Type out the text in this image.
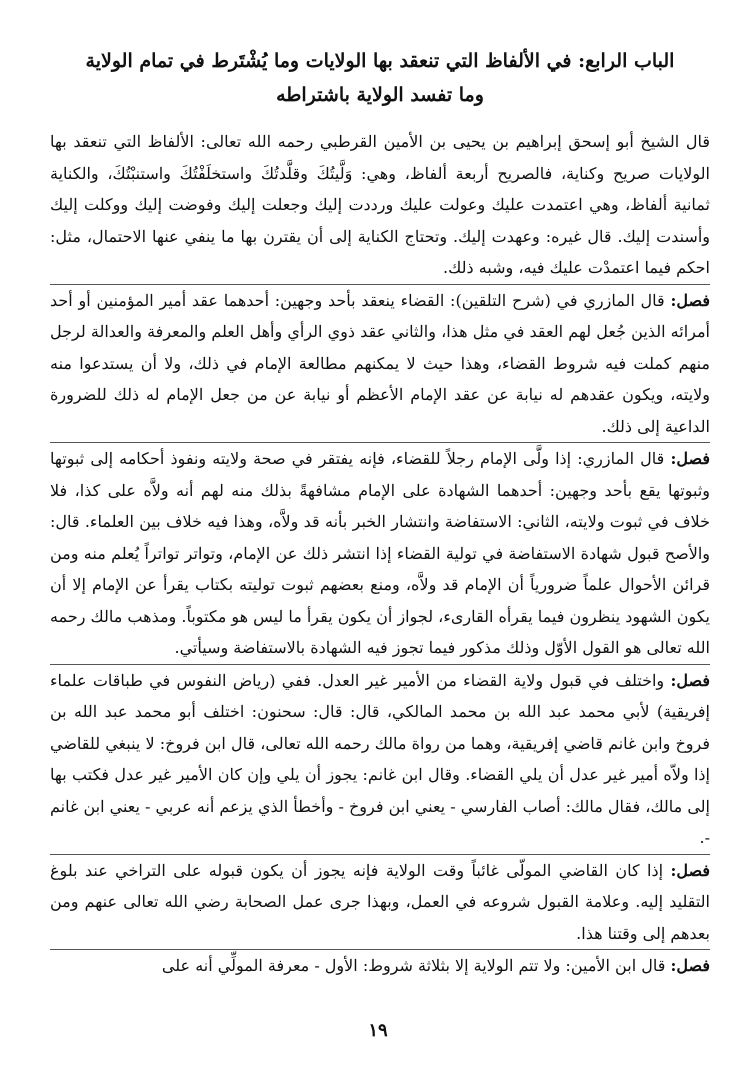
الباب الرابع: في الألفاظ التي تنعقد بها الولايات وما يُشْتَرط في تمام الولاية
وما تفسد الولاية باشتراطه

قال الشيخ أبو إسحق إبراهيم بن يحيى بن الأمين القرطبي رحمه الله تعالى: الألفاظ التي تنعقد بها الولايات صريح وكناية، فالصريح أربعة ألفاظ، وهي: وَلَّيتُكَ وقلَّدتُكَ واستخلَفْتُكَ واستنبْتُكَ، والكناية ثمانية ألفاظ، وهي اعتمدت عليك وعولت عليك ورددت إليك وجعلت إليك وفوضت إليك ووكلت إليك وأسندت إليك. قال غيره: وعهدت إليك. وتحتاج الكناية إلى أن يقترن بها ما ينفي عنها الاحتمال، مثل: احكم فيما اعتمدْت عليك فيه، وشبه ذلك.

فصل: قال المازري في (شرح التلقين): القضاء ينعقد بأحد وجهين: أحدهما عقد أمير المؤمنين أو أحد أمرائه الذين جُعل لهم العقد في مثل هذا، والثاني عقد ذوي الرأي وأهل العلم والمعرفة والعدالة لرجل منهم كملت فيه شروط القضاء، وهذا حيث لا يمكنهم مطالعة الإمام في ذلك، ولا أن يستدعوا منه ولايته، ويكون عقدهم له نيابة عن عقد الإمام الأعظم أو نيابة عن من جعل الإمام له ذلك للضرورة الداعية إلى ذلك.

فصل: قال المازري: إذا ولَّى الإمام رجلاً للقضاء، فإنه يفتقر في صحة ولايته ونفوذ أحكامه إلى ثبوتها وثبوتها يقع بأحد وجهين: أحدهما الشهادة على الإمام مشافهةً بذلك منه لهم أنه ولاَّه على كذا، فلا خلاف في ثبوت ولايته، الثاني: الاستفاضة وانتشار الخبر بأنه قد ولاَّه، وهذا فيه خلاف بين العلماء. قال: والأصح قبول شهادة الاستفاضة في تولية القضاء إذا انتشر ذلك عن الإمام، وتواتر تواتراً يُعلم منه ومن قرائن الأحوال علماً ضرورياً أن الإمام قد ولاَّه، ومنع بعضهم ثبوت توليته بكتاب يقرأ عن الإمام إلا أن يكون الشهود ينظرون فيما يقرأه القارىء، لجواز أن يكون يقرأ ما ليس هو مكتوباً. ومذهب مالك رحمه الله تعالى هو القول الأوّل وذلك مذكور فيما تجوز فيه الشهادة بالاستفاضة وسيأتي.

فصل: واختلف في قبول ولاية القضاء من الأمير غير العدل. ففي (رياض النفوس في طباقات علماء إفريقية) لأبي محمد عبد الله بن محمد المالكي، قال: قال: سحنون: اختلف أبو محمد عبد الله بن فروخ وابن غانم قاضي إفريقية، وهما من رواة مالك رحمه الله تعالى، قال ابن فروخ: لا ينبغي للقاضي إذا ولاّه أمير غير عدل أن يلي القضاء. وقال ابن غانم: يجوز أن يلي وإن كان الأمير غير عدل فكتب بها إلى مالك، فقال مالك: أصاب الفارسي - يعني ابن فروخ - وأخطأ الذي يزعم أنه عربي - يعني ابن غانم -.

فصل: إذا كان القاضي المولّى غائباً وقت الولاية فإنه يجوز أن يكون قبوله على التراخي عند بلوغ التقليد إليه. وعلامة القبول شروعه في العمل، وبهذا جرى عمل الصحابة رضي الله تعالى عنهم ومن بعدهم إلى وقتنا هذا.

فصل: قال ابن الأمين: ولا تتم الولاية إلا بثلاثة شروط: الأول - معرفة المولِّي أنه على

١٩
